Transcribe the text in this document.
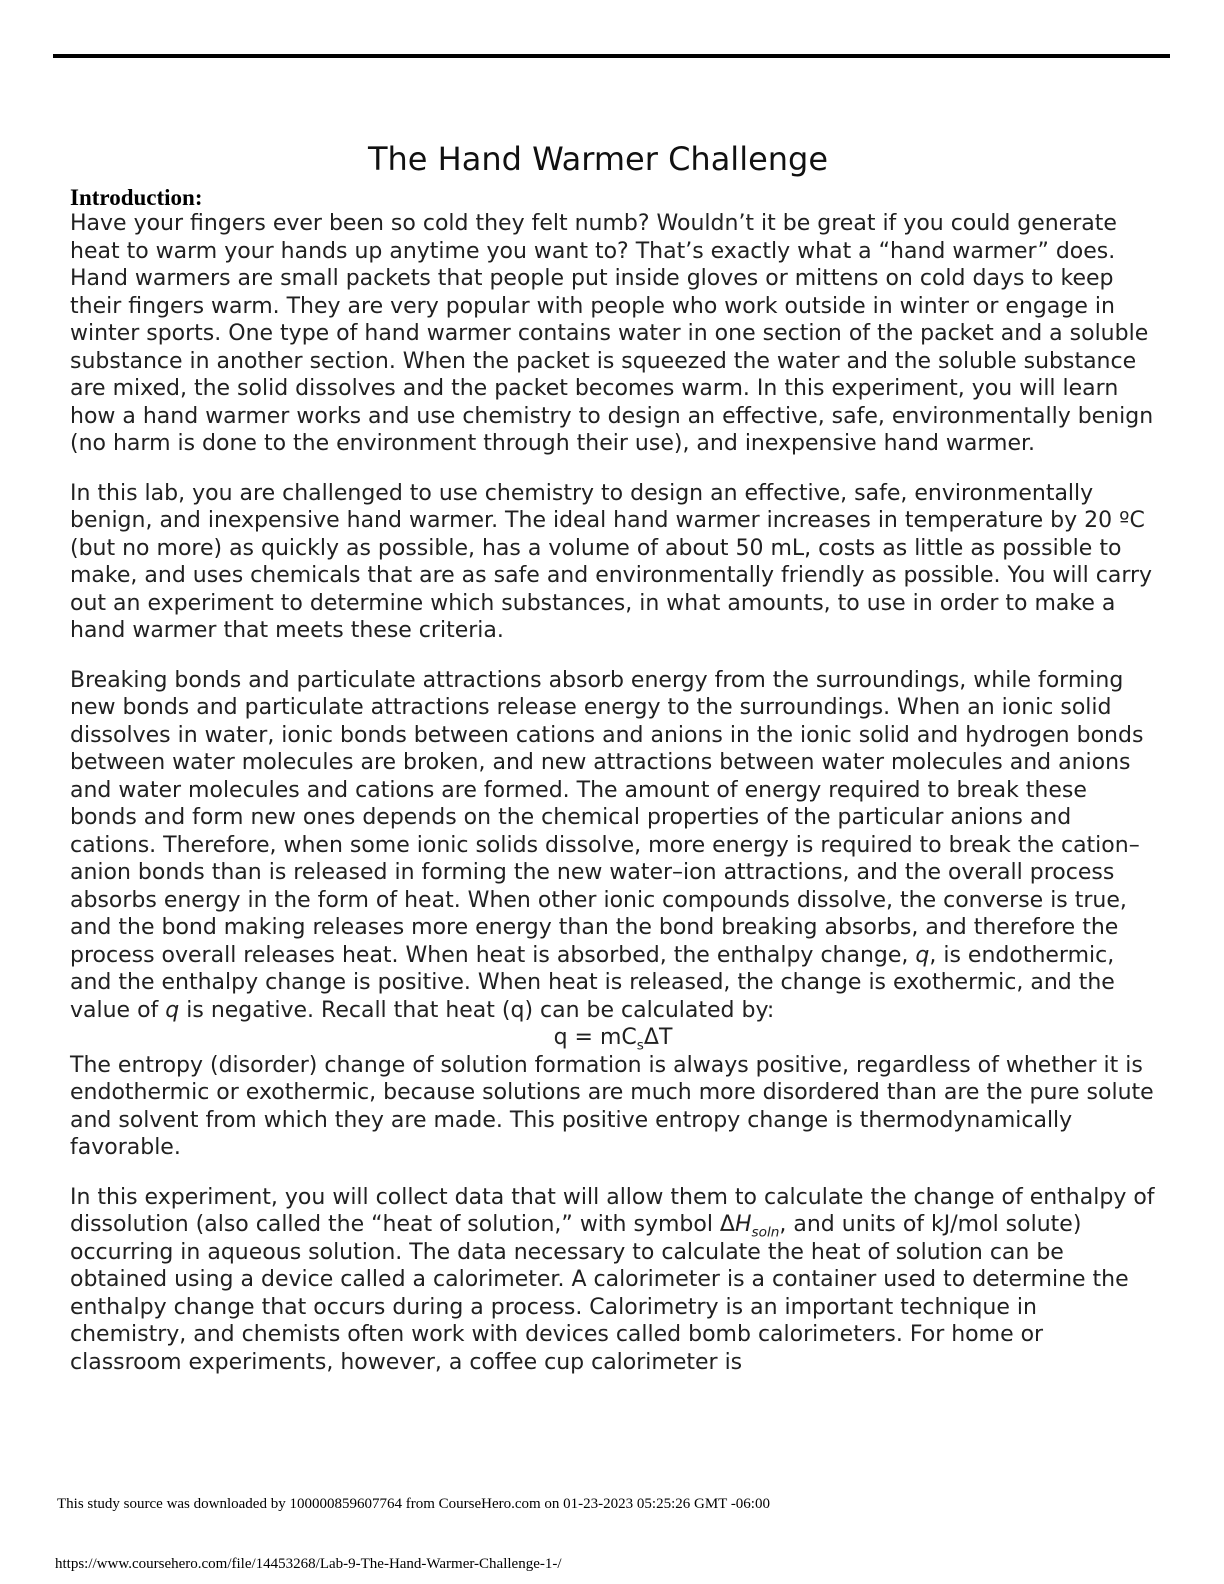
The Hand Warmer Challenge
Introduction:

Have your fingers ever been so cold they felt numb? Wouldn’t it be great if you could generate heat to warm your hands up anytime you want to? That’s exactly what a “hand warmer” does. Hand warmers are small packets that people put inside gloves or mittens on cold days to keep their fingers warm. They are very popular with people who work outside in winter or engage in winter sports. One type of hand warmer contains water in one section of the packet and a soluble substance in another section. When the packet is squeezed the water and the soluble substance are mixed, the solid dissolves and the packet becomes warm. In this experiment, you will learn how a hand warmer works and use chemistry to design an effective, safe, environmentally benign (no harm is done to the environment through their use), and inexpensive hand warmer.

In this lab, you are challenged to use chemistry to design an effective, safe, environmentally benign, and inexpensive hand warmer. The ideal hand warmer increases in temperature by 20 ºC (but no more) as quickly as possible, has a volume of about 50 mL, costs as little as possible to make, and uses chemicals that are as safe and environmentally friendly as possible. You will carry out an experiment to determine which substances, in what amounts, to use in order to make a hand warmer that meets these criteria.

Breaking bonds and particulate attractions absorb energy from the surroundings, while forming new bonds and particulate attractions release energy to the surroundings. When an ionic solid dissolves in water, ionic bonds between cations and anions in the ionic solid and hydrogen bonds between water molecules are broken, and new attractions between water molecules and anions and water molecules and cations are formed. The amount of energy required to break these bonds and form new ones depends on the chemical properties of the particular anions and cations. Therefore, when some ionic solids dissolve, more energy is required to break the cation–anion bonds than is released in forming the new water–ion attractions, and the overall process absorbs energy in the form of heat. When other ionic compounds dissolve, the converse is true, and the bond making releases more energy than the bond breaking absorbs, and therefore the process overall releases heat. When heat is absorbed, the enthalpy change, q, is endothermic, and the enthalpy change is positive. When heat is released, the change is exothermic, and the value of q is negative. Recall that heat (q) can be calculated by:

$q = mC_s\Delta T$

The entropy (disorder) change of solution formation is always positive, regardless of whether it is endothermic or exothermic, because solutions are much more disordered than are the pure solute and solvent from which they are made. This positive entropy change is thermodynamically favorable.

In this experiment, you will collect data that will allow them to calculate the change of enthalpy of dissolution (also called the “heat of solution,” with symbol $\Delta H_{soln}$, and units of kJ/mol solute) occurring in aqueous solution. The data necessary to calculate the heat of solution can be obtained using a device called a calorimeter. A calorimeter is a container used to determine the enthalpy change that occurs during a process. Calorimetry is an important technique in chemistry, and chemists often work with devices called bomb calorimeters. For home or classroom experiments, however, a coffee cup calorimeter is

This study source was downloaded by 100000859607764 from CourseHero.com on 01-23-2023 05:25:26 GMT -06:00
https://www.coursehero.com/file/14453268/Lab-9-The-Hand-Warmer-Challenge-1-/
